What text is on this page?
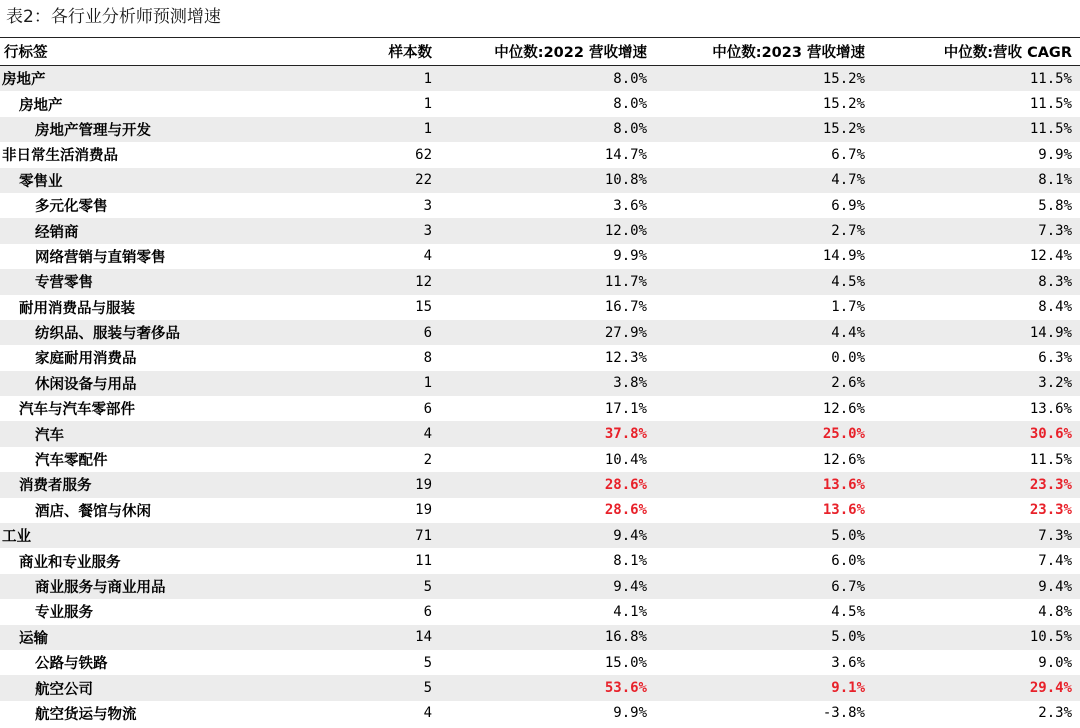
表2：各行业分析师预测增速
行标签	样本数	中位数:2022 营收增速	中位数:2023 营收增速	中位数:营收 CAGR
房地产	1	8.0%	15.2%	11.5%
房地产	1	8.0%	15.2%	11.5%
房地产管理与开发	1	8.0%	15.2%	11.5%
非日常生活消费品	62	14.7%	6.7%	9.9%
零售业	22	10.8%	4.7%	8.1%
多元化零售	3	3.6%	6.9%	5.8%
经销商	3	12.0%	2.7%	7.3%
网络营销与直销零售	4	9.9%	14.9%	12.4%
专营零售	12	11.7%	4.5%	8.3%
耐用消费品与服装	15	16.7%	1.7%	8.4%
纺织品、服装与奢侈品	6	27.9%	4.4%	14.9%
家庭耐用消费品	8	12.3%	0.0%	6.3%
休闲设备与用品	1	3.8%	2.6%	3.2%
汽车与汽车零部件	6	17.1%	12.6%	13.6%
汽车	4	37.8%	25.0%	30.6%
汽车零配件	2	10.4%	12.6%	11.5%
消费者服务	19	28.6%	13.6%	23.3%
酒店、餐馆与休闲	19	28.6%	13.6%	23.3%
工业	71	9.4%	5.0%	7.3%
商业和专业服务	11	8.1%	6.0%	7.4%
商业服务与商业用品	5	9.4%	6.7%	9.4%
专业服务	6	4.1%	4.5%	4.8%
运输	14	16.8%	5.0%	10.5%
公路与铁路	5	15.0%	3.6%	9.0%
航空公司	5	53.6%	9.1%	29.4%
航空货运与物流	4	9.9%	-3.8%	2.3%
